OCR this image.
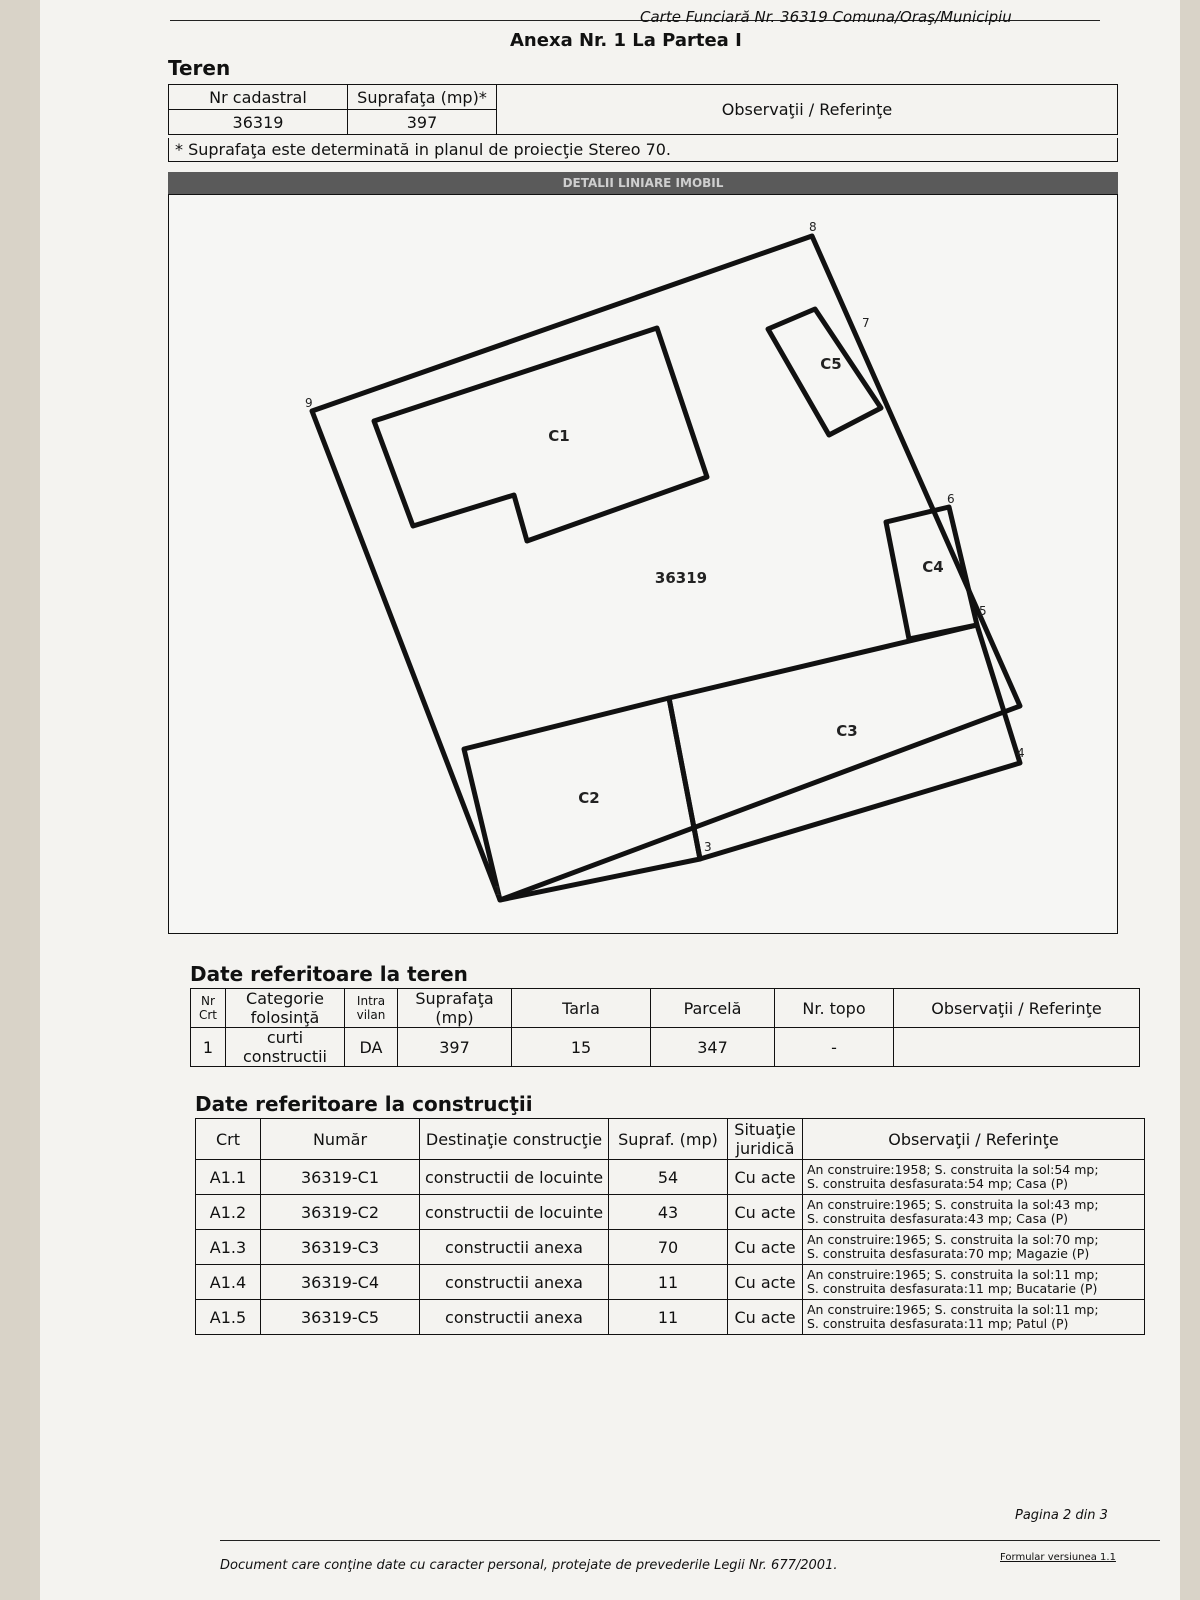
Carte Funciară Nr. 36319 Comuna/Oraş/Municipiu
Anexa Nr. 1 La Partea I
Teren
Nr cadastral	Suprafaţa (mp)*	Observaţii / Referinţe
36319	397	
* Suprafaţa este determinată in planul de proiecţie Stereo 70.
DETALII LINIARE IMOBIL
C1
C2
C3
C4
C5
36319
1
3
4
5
6
7
8
9
Date referitoare la teren
Nr Crt	Categorie folosinţă	Intra vilan	Suprafaţa (mp)	Tarla	Parcelă	Nr. topo	Observaţii / Referinţe
1	curti constructii	DA	397	15	347	-	
Date referitoare la construcţii
Crt	Număr	Destinaţie construcţie	Supraf. (mp)	Situaţie juridică	Observaţii / Referinţe
A1.1	36319-C1	constructii de locuinte	54	Cu acte	An construire:1958; S. construita la sol:54 mp;
S. construita desfasurata:54 mp; Casa (P)

A1.2	36319-C2	constructii de locuinte	43	Cu acte	An construire:1965; S. construita la sol:43 mp;
S. construita desfasurata:43 mp; Casa (P)

A1.3	36319-C3	constructii anexa	70	Cu acte	An construire:1965; S. construita la sol:70 mp;
S. construita desfasurata:70 mp; Magazie (P)

A1.4	36319-C4	constructii anexa	11	Cu acte	An construire:1965; S. construita la sol:11 mp;
S. construita desfasurata:11 mp; Bucatarie (P)

A1.5	36319-C5	constructii anexa	11	Cu acte	An construire:1965; S. construita la sol:11 mp;
S. construita desfasurata:11 mp; Patul (P)
Pagina 2 din 3
Document care conţine date cu caracter personal, protejate de prevederile Legii Nr. 677/2001.
Formular versiunea 1.1
